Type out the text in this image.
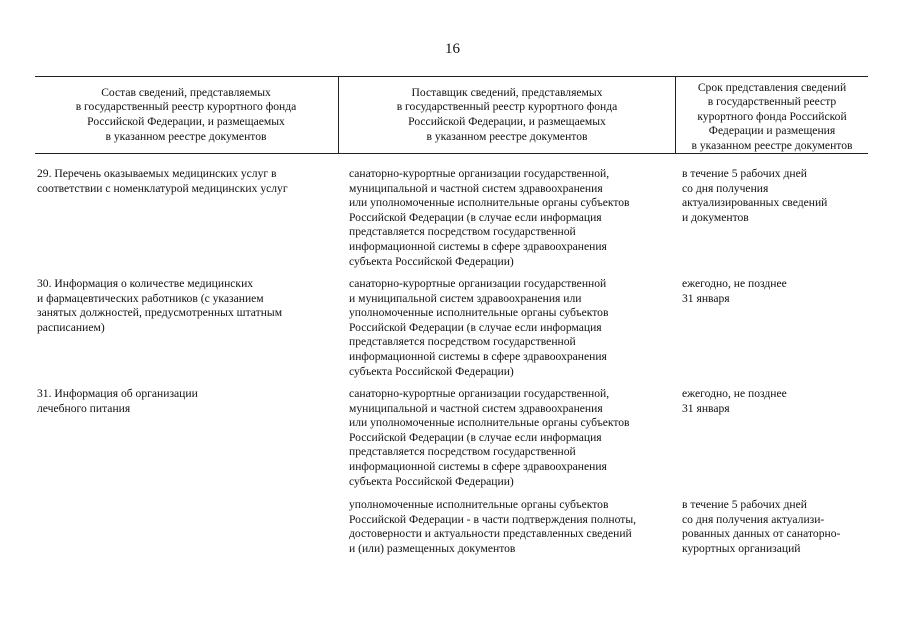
16
Состав сведений, представляемых
в государственный реестр курортного фонда
Российской Федерации, и размещаемых
в указанном реестре документов
Поставщик сведений, представляемых
в государственный реестр курортного фонда
Российской Федерации, и размещаемых
в указанном реестре документов
Срок представления сведений
в государственный реестр
курортного фонда Российской
Федерации и размещения
в указанном реестре документов
29. Перечень оказываемых медицинских услуг в
соответствии с номенклатурой медицинских услуг
санаторно-курортные организации государственной,
муниципальной и частной систем здравоохранения
или уполномоченные исполнительные органы субъектов
Российской Федерации (в случае если информация
представляется посредством государственной
информационной системы в сфере здравоохранения
субъекта Российской Федерации)
в течение 5 рабочих дней
со дня получения
актуализированных сведений
и документов
30. Информация о количестве медицинских
и фармацевтических работников (с указанием
занятых должностей, предусмотренных штатным
расписанием)
санаторно-курортные организации государственной
и муниципальной систем здравоохранения или
уполномоченные исполнительные органы субъектов
Российской Федерации (в случае если информация
представляется посредством государственной
информационной системы в сфере здравоохранения
субъекта Российской Федерации)
ежегодно, не позднее
31 января
31. Информация об организации
лечебного питания
санаторно-курортные организации государственной,
муниципальной и частной систем здравоохранения
или уполномоченные исполнительные органы субъектов
Российской Федерации (в случае если информация
представляется посредством государственной
информационной системы в сфере здравоохранения
субъекта Российской Федерации)
ежегодно, не позднее
31 января
уполномоченные исполнительные органы субъектов
Российской Федерации - в части подтверждения полноты,
достоверности и актуальности представленных сведений
и (или) размещенных документов
в течение 5 рабочих дней
со дня получения актуализи-
рованных данных от санаторно-
курортных организаций
